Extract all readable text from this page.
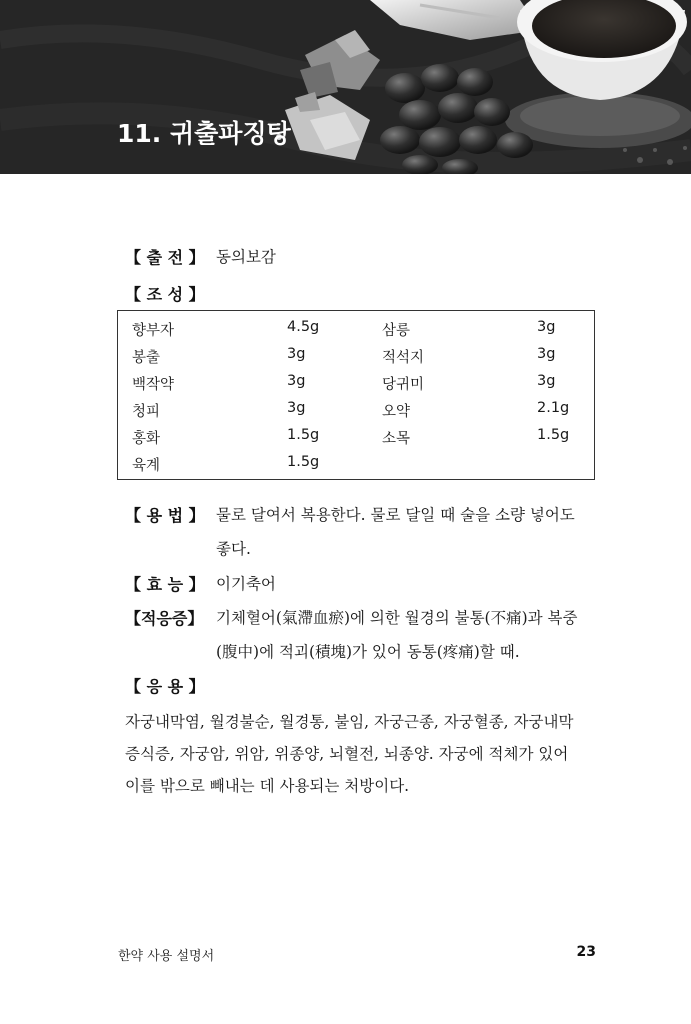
11. 귀출파징탕
【 출 전 】 동의보감
【 조 성 】
향부자	4.5g	삼릉	3g
봉출	3g	적석지	3g
백작약	3g	당귀미	3g
청피	3g	오약	2.1g
홍화	1.5g	소목	1.5g
육계	1.5g
【 용 법 】 물로 달여서 복용한다. 물로 달일 때 술을 소량 넣어도
좋다.
【 효 능 】 이기축어
【적응증】 기체혈어(氣滯血瘀)에 의한 월경의 불통(不痛)과 복중
(腹中)에 적괴(積塊)가 있어 동통(疼痛)할 때.
【 응 용 】
자궁내막염, 월경불순, 월경통, 불임, 자궁근종, 자궁혈종, 자궁내막
증식증, 자궁암, 위암, 위종양, 뇌혈전, 뇌종양. 자궁에 적체가 있어
이를 밖으로 빼내는 데 사용되는 처방이다.
한약 사용 설명서	23
